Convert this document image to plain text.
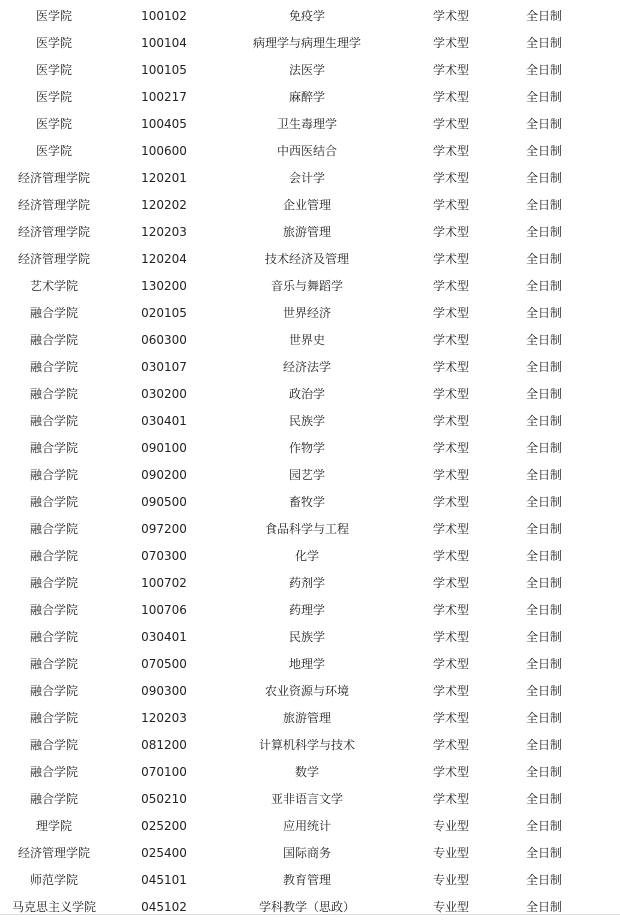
医学院	100102	免疫学	学术型	全日制
医学院	100104	病理学与病理生理学	学术型	全日制
医学院	100105	法医学	学术型	全日制
医学院	100217	麻醉学	学术型	全日制
医学院	100405	卫生毒理学	学术型	全日制
医学院	100600	中西医结合	学术型	全日制
经济管理学院	120201	会计学	学术型	全日制
经济管理学院	120202	企业管理	学术型	全日制
经济管理学院	120203	旅游管理	学术型	全日制
经济管理学院	120204	技术经济及管理	学术型	全日制
艺术学院	130200	音乐与舞蹈学	学术型	全日制
融合学院	020105	世界经济	学术型	全日制
融合学院	060300	世界史	学术型	全日制
融合学院	030107	经济法学	学术型	全日制
融合学院	030200	政治学	学术型	全日制
融合学院	030401	民族学	学术型	全日制
融合学院	090100	作物学	学术型	全日制
融合学院	090200	园艺学	学术型	全日制
融合学院	090500	畜牧学	学术型	全日制
融合学院	097200	食品科学与工程	学术型	全日制
融合学院	070300	化学	学术型	全日制
融合学院	100702	药剂学	学术型	全日制
融合学院	100706	药理学	学术型	全日制
融合学院	030401	民族学	学术型	全日制
融合学院	070500	地理学	学术型	全日制
融合学院	090300	农业资源与环境	学术型	全日制
融合学院	120203	旅游管理	学术型	全日制
融合学院	081200	计算机科学与技术	学术型	全日制
融合学院	070100	数学	学术型	全日制
融合学院	050210	亚非语言文学	学术型	全日制
理学院	025200	应用统计	专业型	全日制
经济管理学院	025400	国际商务	专业型	全日制
师范学院	045101	教育管理	专业型	全日制
马克思主义学院	045102	学科教学（思政）	专业型	全日制
